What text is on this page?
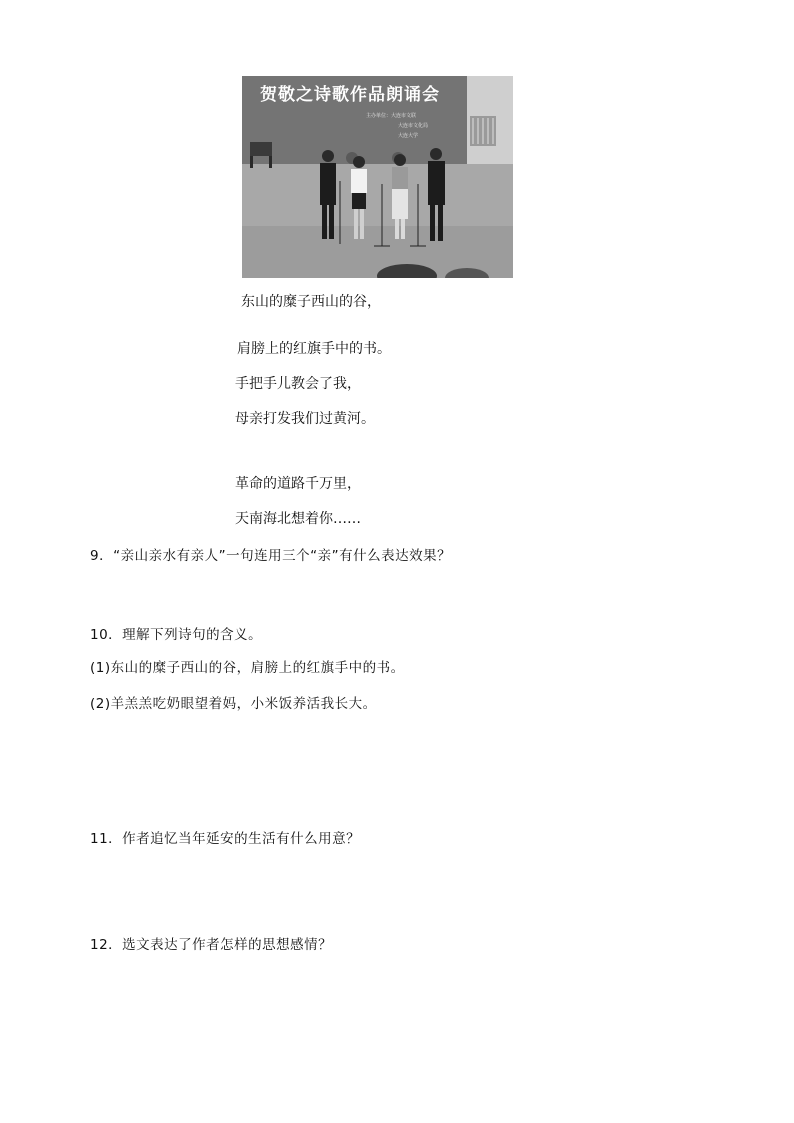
贺敬之诗歌作品朗诵会
主办单位：大连市文联
大连市文化局
大连大学
东山的糜子西山的谷，
肩膀上的红旗手中的书。
手把手儿教会了我，
母亲打发我们过黄河。
革命的道路千万里，
天南海北想着你……
9．“亲山亲水有亲人”一句连用三个“亲”有什么表达效果？
10．理解下列诗句的含义。
(1)东山的糜子西山的谷，肩膀上的红旗手中的书。
(2)羊羔羔吃奶眼望着妈，小米饭养活我长大。
11．作者追忆当年延安的生活有什么用意？
12．选文表达了作者怎样的思想感情？
